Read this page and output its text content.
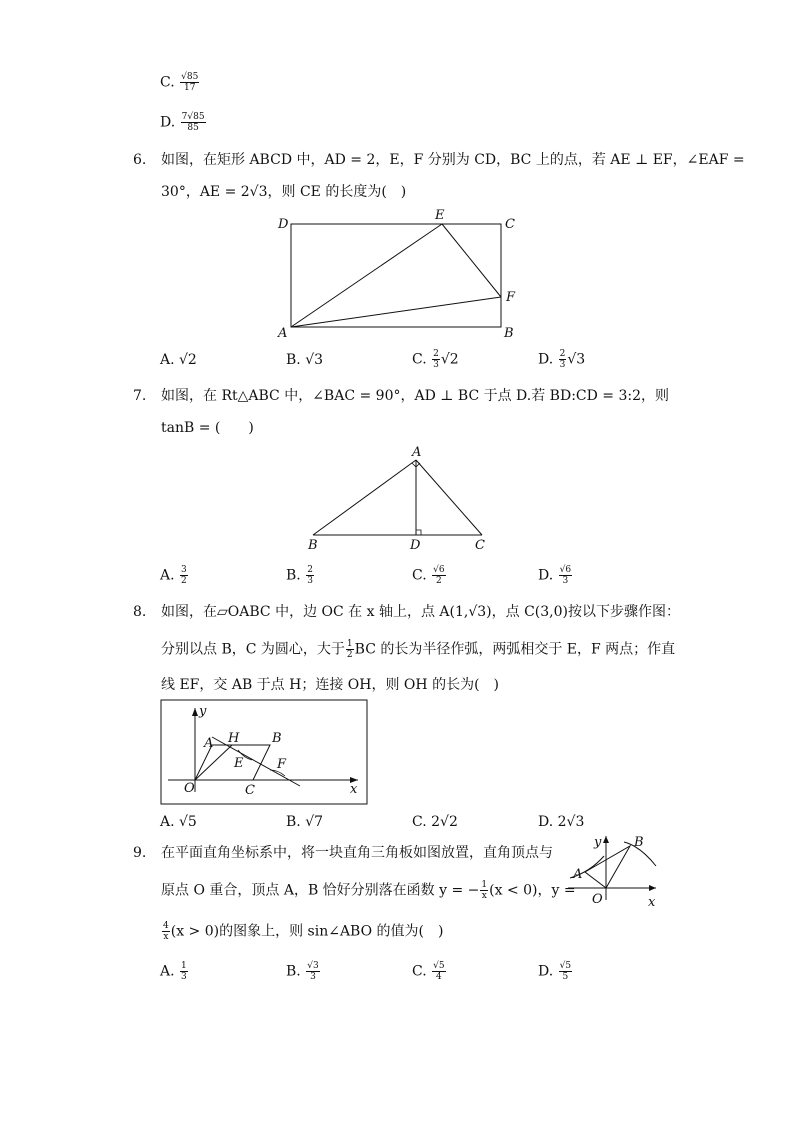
C. $\frac{√85}{17}$
D. $\frac{7√85}{85}$
6. 如图，在矩形 ABCD 中，AD = 2，E，F 分别为 CD，BC 上的点，若 AE ⊥ EF，∠EAF =
30°，AE = 2√3，则 CE 的长度为(　)
D
E
C
F
A	B
A. √2	B. √3	C. $\frac{2}{3} √2$	D. $\frac{2}{3} √3$
7. 如图，在 Rt△ABC 中，∠BAC = 90°，AD ⊥ BC 于点 D.若 BD:CD = 3:2，则
tanB = (　　)
A
B	D	C
A. $\frac{3}{2}$	B. $\frac{2}{3}$	C. $\frac{√6}{2}$	D. $\frac{√6}{3}$
8. 如图，在▱OABC 中，边 OC 在 x 轴上，点 A(1,√3)，点 C(3,0)按以下步骤作图：
分别以点 B，C 为圆心，大于 $\frac{1}{2}$ BC 的长为半径作弧，两弧相交于 E，F 两点；作直
线 EF，交 AB 于点 H；连接 OH，则 OH 的长为(　)
y
A H	B
E	F
O	C	x
A. √5	B. √7	C. 2√2	D. 2√3
9. 在平面直角坐标系中，将一块直角三角板如图放置，直角顶点与
原点 O 重合，顶点 A，B 恰好分别落在函数 y = − $\frac{1}{x} (x < 0)$，y =
$\frac{4}{x} (x > 0)$的图象上，则 sin∠ABO 的值为(　)
y	B
A
O	x
A. $\frac{1}{3}$	B. $\frac{√3}{3}$	C. $\frac{√5}{4}$	D. $\frac{√5}{5}$
